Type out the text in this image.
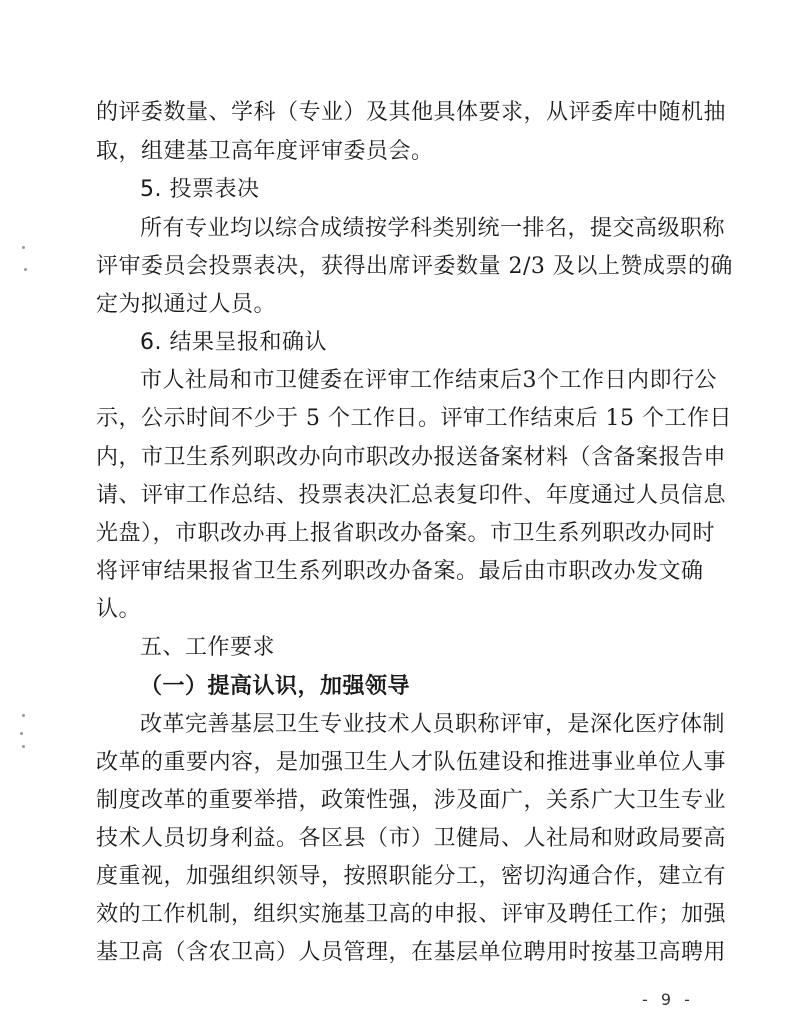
的评委数量、学科（专业）及其他具体要求，从评委库中随机抽
取，组建基卫高年度评审委员会。
5. 投票表决
所有专业均以综合成绩按学科类别统一排名，提交高级职称
评审委员会投票表决，获得出席评委数量 2/3 及以上赞成票的确
定为拟通过人员。
6. 结果呈报和确认
市人社局和市卫健委在评审工作结束后3个工作日内即行公
示，公示时间不少于 5 个工作日。评审工作结束后 15 个工作日
内，市卫生系列职改办向市职改办报送备案材料（含备案报告申
请、评审工作总结、投票表决汇总表复印件、年度通过人员信息
光盘），市职改办再上报省职改办备案。市卫生系列职改办同时
将评审结果报省卫生系列职改办备案。最后由市职改办发文确
认。
五、工作要求
（一）提高认识，加强领导
改革完善基层卫生专业技术人员职称评审，是深化医疗体制
改革的重要内容，是加强卫生人才队伍建设和推进事业单位人事
制度改革的重要举措，政策性强，涉及面广，关系广大卫生专业
技术人员切身利益。各区县（市）卫健局、人社局和财政局要高
度重视，加强组织领导，按照职能分工，密切沟通合作，建立有
效的工作机制，组织实施基卫高的申报、评审及聘任工作；加强
基卫高（含农卫高）人员管理，在基层单位聘用时按基卫高聘用
- 9 -
